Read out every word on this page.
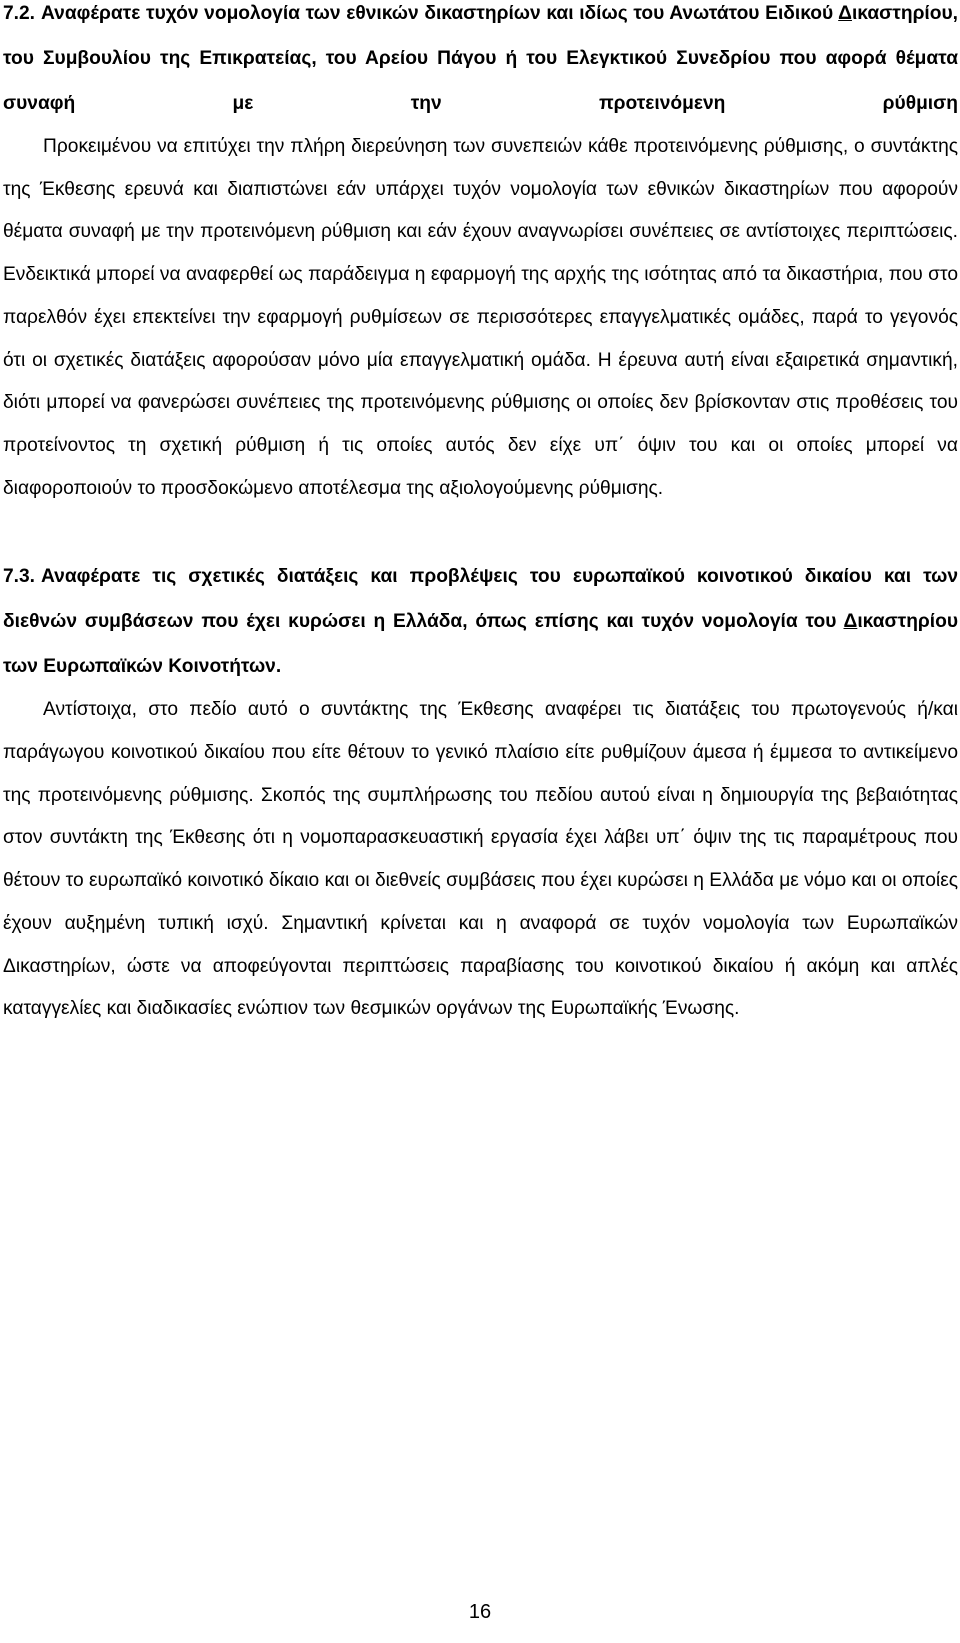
7.2. Αναφέρατε τυχόν νομολογία των εθνικών δικαστηρίων και ιδίως του Ανωτάτου Ειδικού Δικαστηρίου, του Συμβουλίου της Επικρατείας, του Αρείου Πάγου ή του Ελεγκτικού Συνεδρίου που αφορά θέματα συναφή με την προτεινόμενη ρύθμιση

Προκειμένου να επιτύχει την πλήρη διερεύνηση των συνεπειών κάθε προτεινόμενης ρύθμισης, ο συντάκτης της Έκθεσης ερευνά και διαπιστώνει εάν υπάρχει τυχόν νομολογία των εθνικών δικαστηρίων που αφορούν θέματα συναφή με την προτεινόμενη ρύθμιση και εάν έχουν αναγνωρίσει συνέπειες σε αντίστοιχες περιπτώσεις. Ενδεικτικά μπορεί να αναφερθεί ως παράδειγμα η εφαρμογή της αρχής της ισότητας από τα δικαστήρια, που στο παρελθόν έχει επεκτείνει την εφαρμογή ρυθμίσεων σε περισσότερες επαγγελματικές ομάδες, παρά το γεγονός ότι οι σχετικές διατάξεις αφορούσαν μόνο μία επαγγελματική ομάδα. Η έρευνα αυτή είναι εξαιρετικά σημαντική, διότι μπορεί να φανερώσει συνέπειες της προτεινόμενης ρύθμισης οι οποίες δεν βρίσκονταν στις προθέσεις του προτείνοντος τη σχετική ρύθμιση ή τις οποίες αυτός δεν είχε υπ΄ όψιν του και οι οποίες μπορεί να διαφοροποιούν το προσδοκώμενο αποτέλεσμα της αξιολογούμενης ρύθμισης.

7.3. Αναφέρατε τις σχετικές διατάξεις και προβλέψεις του ευρωπαϊκού κοινοτικού δικαίου και των διεθνών συμβάσεων που έχει κυρώσει η Ελλάδα, όπως επίσης και τυχόν νομολογία του Δικαστηρίου των Ευρωπαϊκών Κοινοτήτων.

Αντίστοιχα, στο πεδίο αυτό ο συντάκτης της Έκθεσης αναφέρει τις διατάξεις του πρωτογενούς ή/και παράγωγου κοινοτικού δικαίου που είτε θέτουν το γενικό πλαίσιο είτε ρυθμίζουν άμεσα ή έμμεσα το αντικείμενο της προτεινόμενης ρύθμισης. Σκοπός της συμπλήρωσης του πεδίου αυτού είναι η δημιουργία της βεβαιότητας στον συντάκτη της Έκθεσης ότι η νομοπαρασκευαστική εργασία έχει λάβει υπ΄ όψιν της τις παραμέτρους που θέτουν το ευρωπαϊκό κοινοτικό δίκαιο και οι διεθνείς συμβάσεις που έχει κυρώσει η Ελλάδα με νόμο και οι οποίες έχουν αυξημένη τυπική ισχύ. Σημαντική κρίνεται και η αναφορά σε τυχόν νομολογία των Ευρωπαϊκών Δικαστηρίων, ώστε να αποφεύγονται περιπτώσεις παραβίασης του κοινοτικού δικαίου ή ακόμη και απλές καταγγελίες και διαδικασίες ενώπιον των θεσμικών οργάνων της Ευρωπαϊκής Ένωσης.

16
